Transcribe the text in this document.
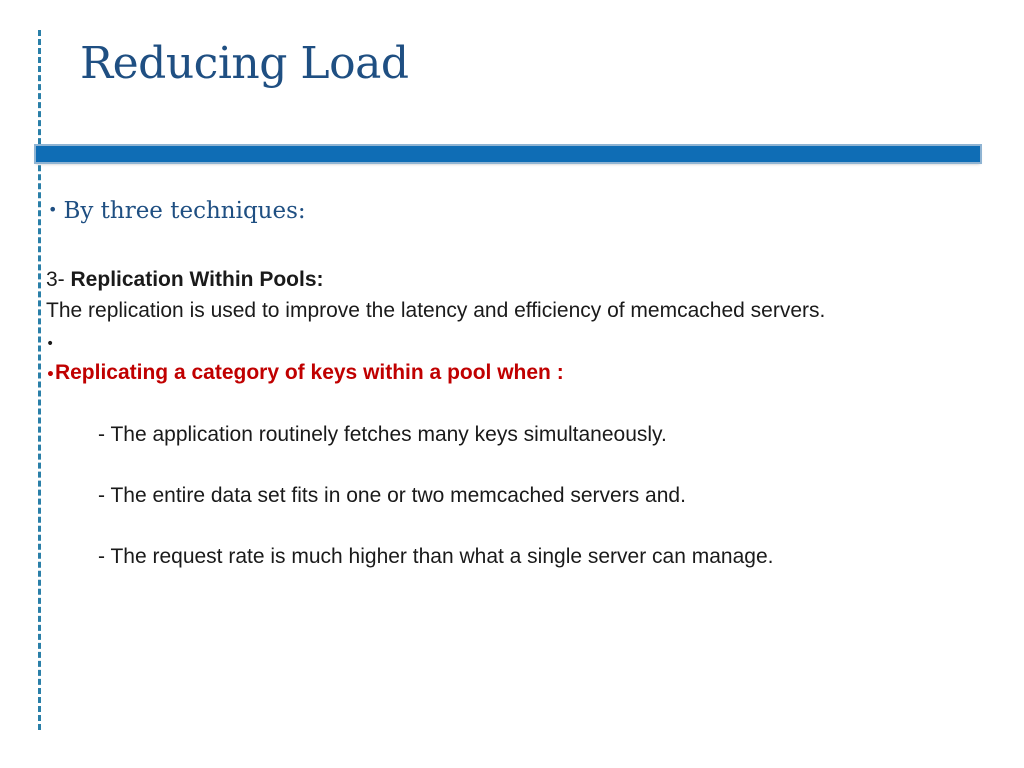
Reducing Load
• By three techniques:
3- Replication Within Pools:
The replication is used to improve the latency and efficiency of memcached servers.
•
•Replicating a category of keys within a pool when :
- The application routinely fetches many keys simultaneously.
- The entire data set fits in one or two memcached servers and.
- The request rate is much higher than what a single server can manage.
